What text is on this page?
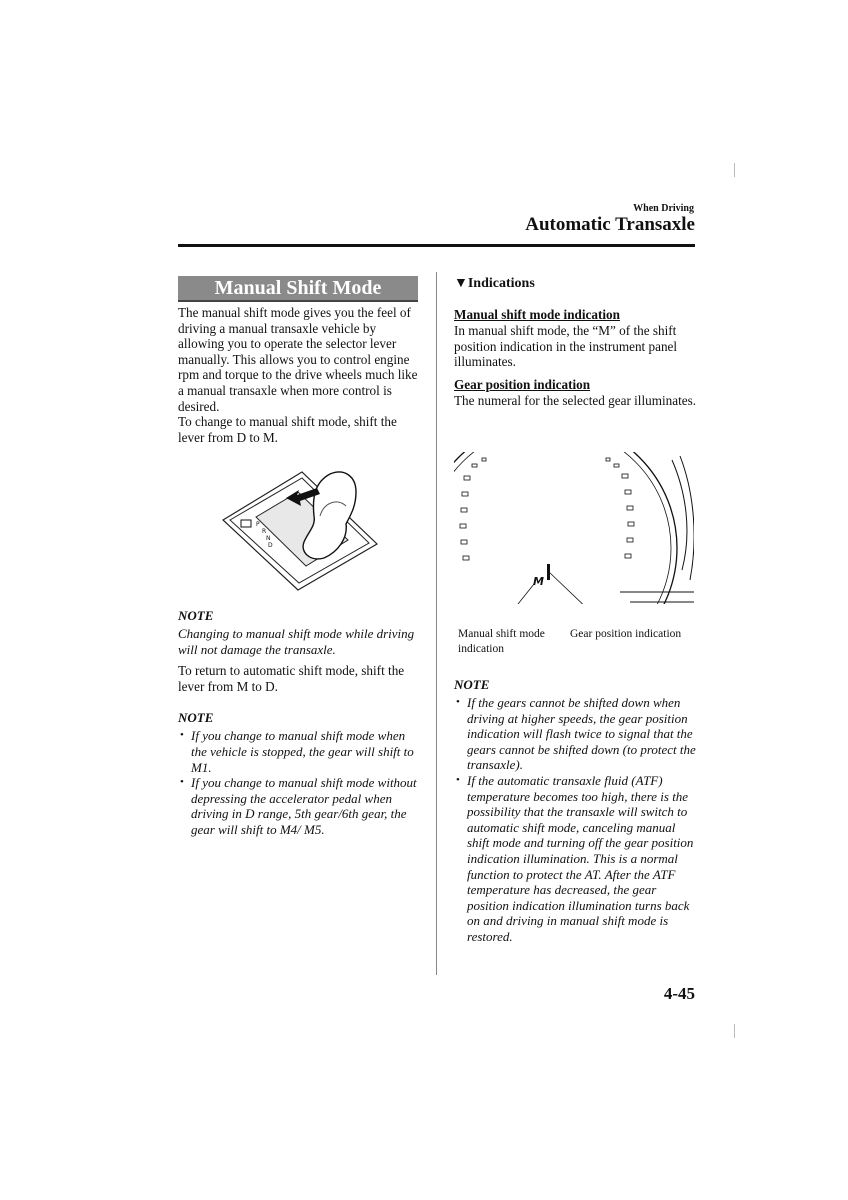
When Driving
Automatic Transaxle
Manual Shift Mode
The manual shift mode gives you the feel of driving a manual transaxle vehicle by allowing you to operate the selector lever manually. This allows you to control engine rpm and torque to the drive wheels much like a manual transaxle when more control is desired.
To change to manual shift mode, shift the lever from D to M.
P
R
N
D
NOTE
Changing to manual shift mode while driving will not damage the transaxle.
To return to automatic shift mode, shift the lever from M to D.
NOTE
• If you change to manual shift mode when the vehicle is stopped, the gear will shift to M1.
• If you change to manual shift mode without depressing the accelerator pedal when driving in D range, 5th gear/6th gear, the gear will shift to M4/ M5.
▼Indications
Manual shift mode indication
In manual shift mode, the “M” of the shift position indication in the instrument panel illuminates.
Gear position indication
The numeral for the selected gear illuminates.
M
Manual shift mode indication
Gear position indication
NOTE
• If the gears cannot be shifted down when driving at higher speeds, the gear position indication will flash twice to signal that the gears cannot be shifted down (to protect the transaxle).
• If the automatic transaxle fluid (ATF) temperature becomes too high, there is the possibility that the transaxle will switch to automatic shift mode, canceling manual shift mode and turning off the gear position indication illumination. This is a normal function to protect the AT. After the ATF temperature has decreased, the gear position indication illumination turns back on and driving in manual shift mode is restored.
4-45
